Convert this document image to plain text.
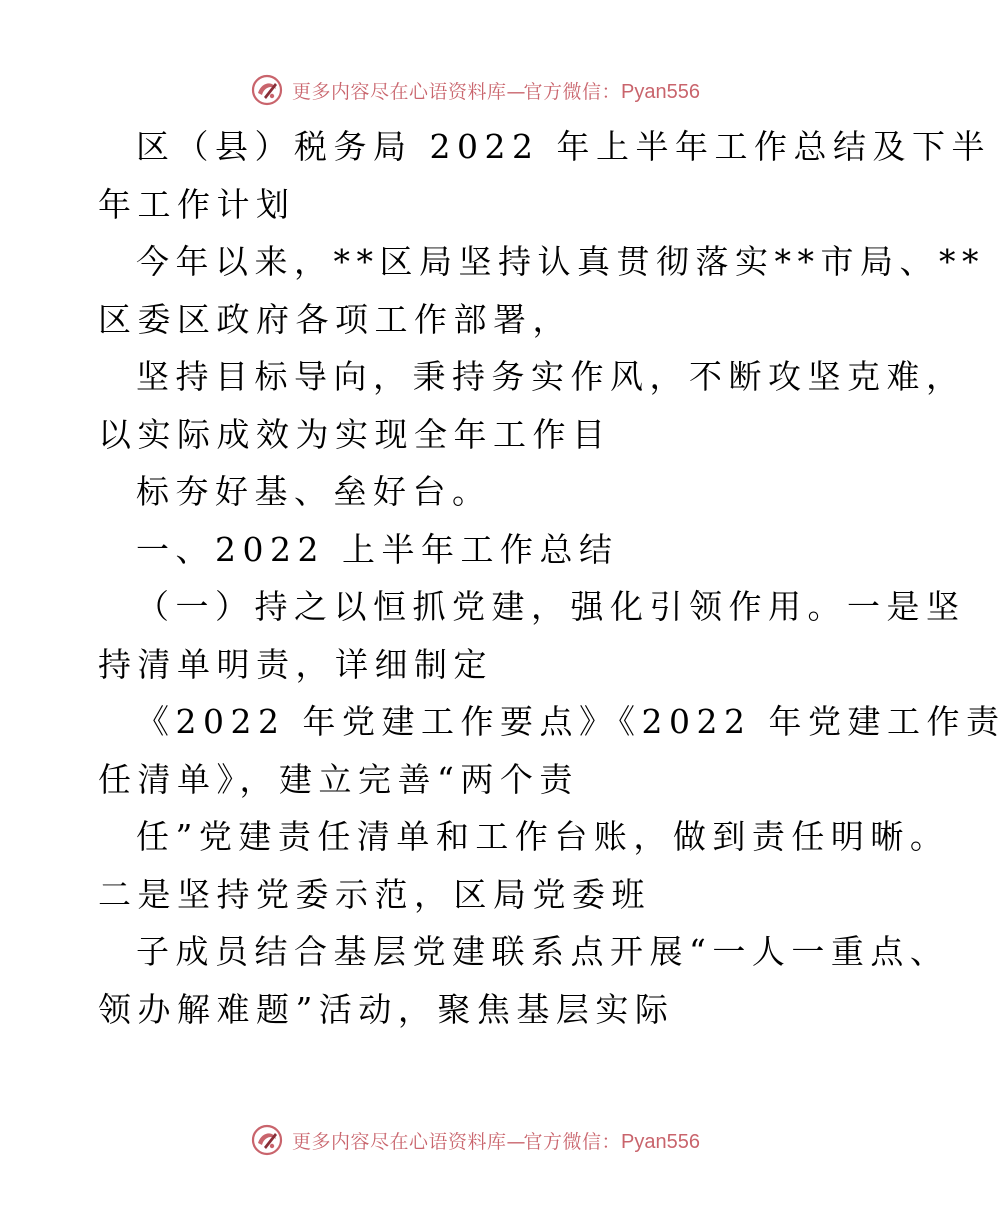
更多内容尽在心语资料库—官方微信：Pyan556
区（县）税务局 2022 年上半年工作总结及下半
年工作计划
今年以来，**区局坚持认真贯彻落实**市局、**
区委区政府各项工作部署，
坚持目标导向，秉持务实作风，不断攻坚克难，
以实际成效为实现全年工作目
标夯好基、垒好台。
一、2022 上半年工作总结
（一）持之以恒抓党建，强化引领作用。一是坚
持清单明责，详细制定
《2022 年党建工作要点》《2022 年党建工作责
任清单》，建立完善“两个责
任”党建责任清单和工作台账，做到责任明晰。
二是坚持党委示范，区局党委班
子成员结合基层党建联系点开展“一人一重点、
领办解难题”活动，聚焦基层实际
更多内容尽在心语资料库—官方微信：Pyan556
